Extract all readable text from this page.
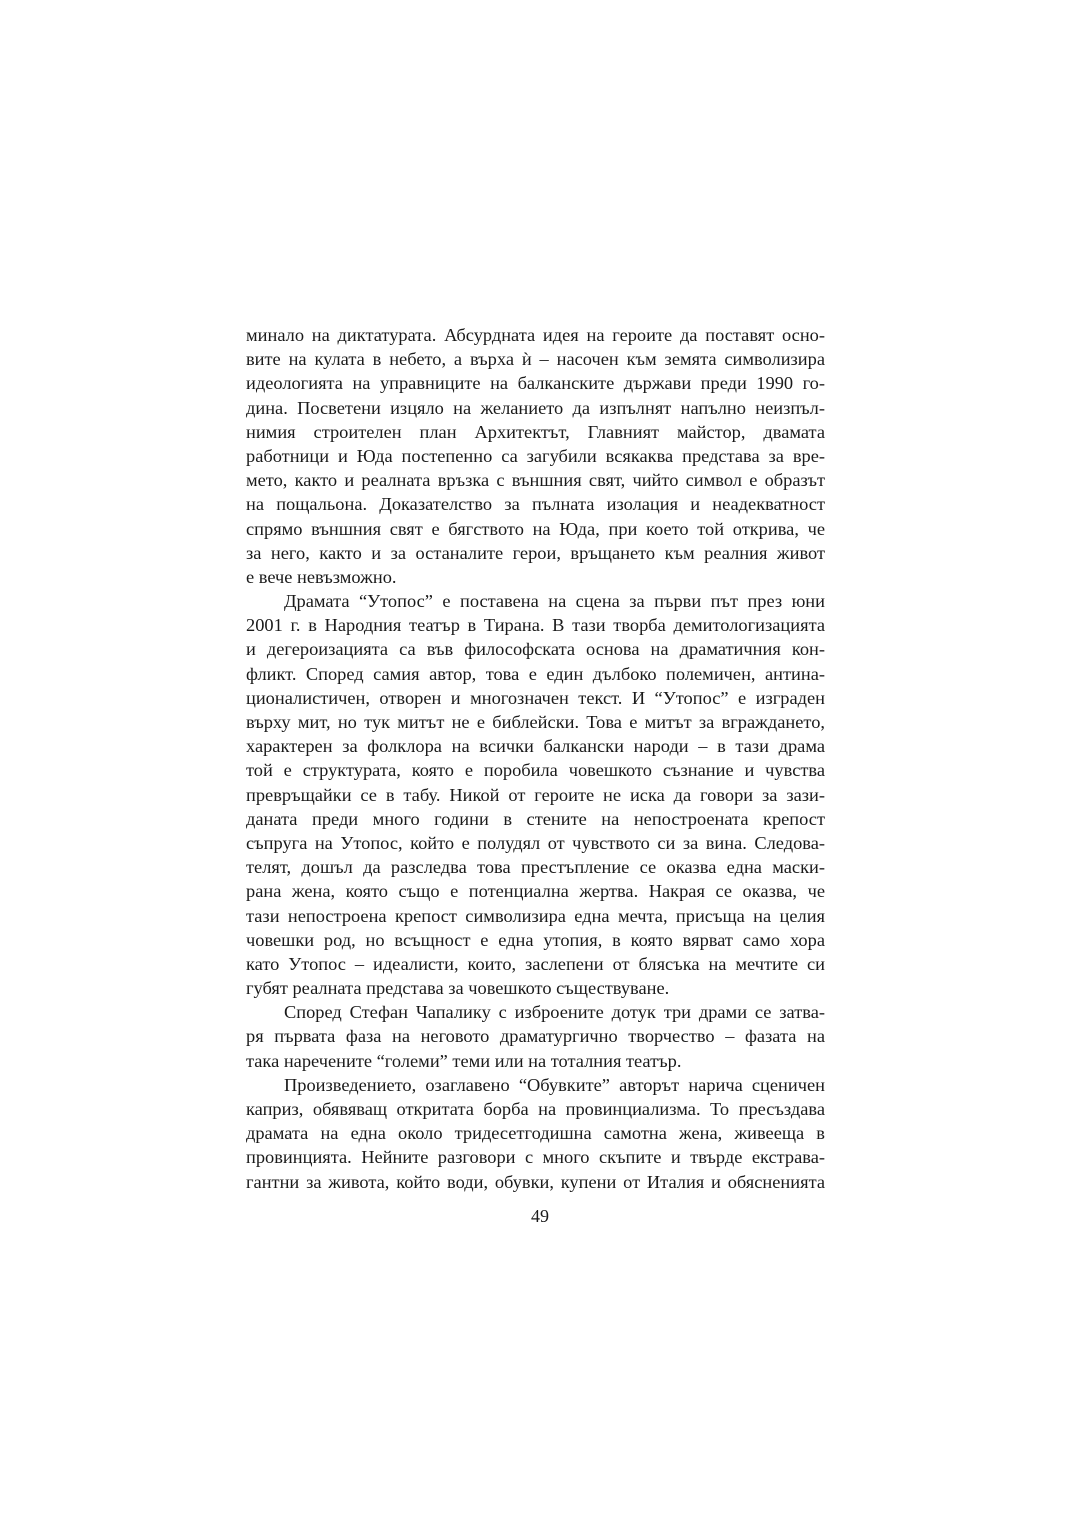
минало на диктатурата. Абсурдната идея на героите да поставят осно-
вите на кулата в небето, а върха ѝ – насочен към земята символизира
идеологията на управниците на балканските държави преди 1990 го-
дина. Посветени изцяло на желанието да изпълнят напълно неизпъл-
нимия строителен план Архитектът, Главният майстор, двамата
работници и Юда постепенно са загубили всякаква представа за вре-
мето, както и реалната връзка с външния свят, чийто символ е образът
на пощальона. Доказателство за пълната изолация и неадекватност
спрямо външния свят е бягството на Юда, при което той открива, че
за него, както и за останалите герои, връщането към реалния живот
е вече невъзможно.
Драмата “Утопос” е поставена на сцена за първи път през юни
2001 г. в Народния театър в Тирана. В тази творба демитологизацията
и дегероизацията са във философската основа на драматичния кон-
фликт. Според самия автор, това е един дълбоко полемичен, антина-
ционалистичен, отворен и многозначен текст. И “Утопос” е изграден
върху мит, но тук митът не е библейски. Това е митът за вграждането,
характерен за фолклора на всички балкански народи – в тази драма
той е структурата, която е поробила човешкото съзнание и чувства
превръщайки се в табу. Никой от героите не иска да говори за зази-
даната преди много години в стените на непостроената крепост
съпруга на Утопос, който е полудял от чувството си за вина. Следова-
телят, дошъл да разследва това престъпление се оказва една маски-
рана жена, която също е потенциална жертва. Накрая се оказва, че
тази непостроена крепост символизира една мечта, присъща на целия
човешки род, но всъщност е една утопия, в която вярват само хора
като Утопос – идеалисти, които, заслепени от блясъка на мечтите си
губят реалната представа за човешкото съществуване.
Според Стефан Чапалику с изброените дотук три драми се затва-
ря първата фаза на неговото драматургично творчество – фазата на
така наречените “големи” теми или на тоталния театър.
Произведението, озаглавено “Обувките” авторът нарича сценичен
каприз, обявяващ откритата борба на провинциализма. То пресъздава
драмата на една около тридесетгодишна самотна жена, живееща в
провинцията. Нейните разговори с много скъпите и твърде екстрава-
гантни за живота, който води, обувки, купени от Италия и обясненията
49
